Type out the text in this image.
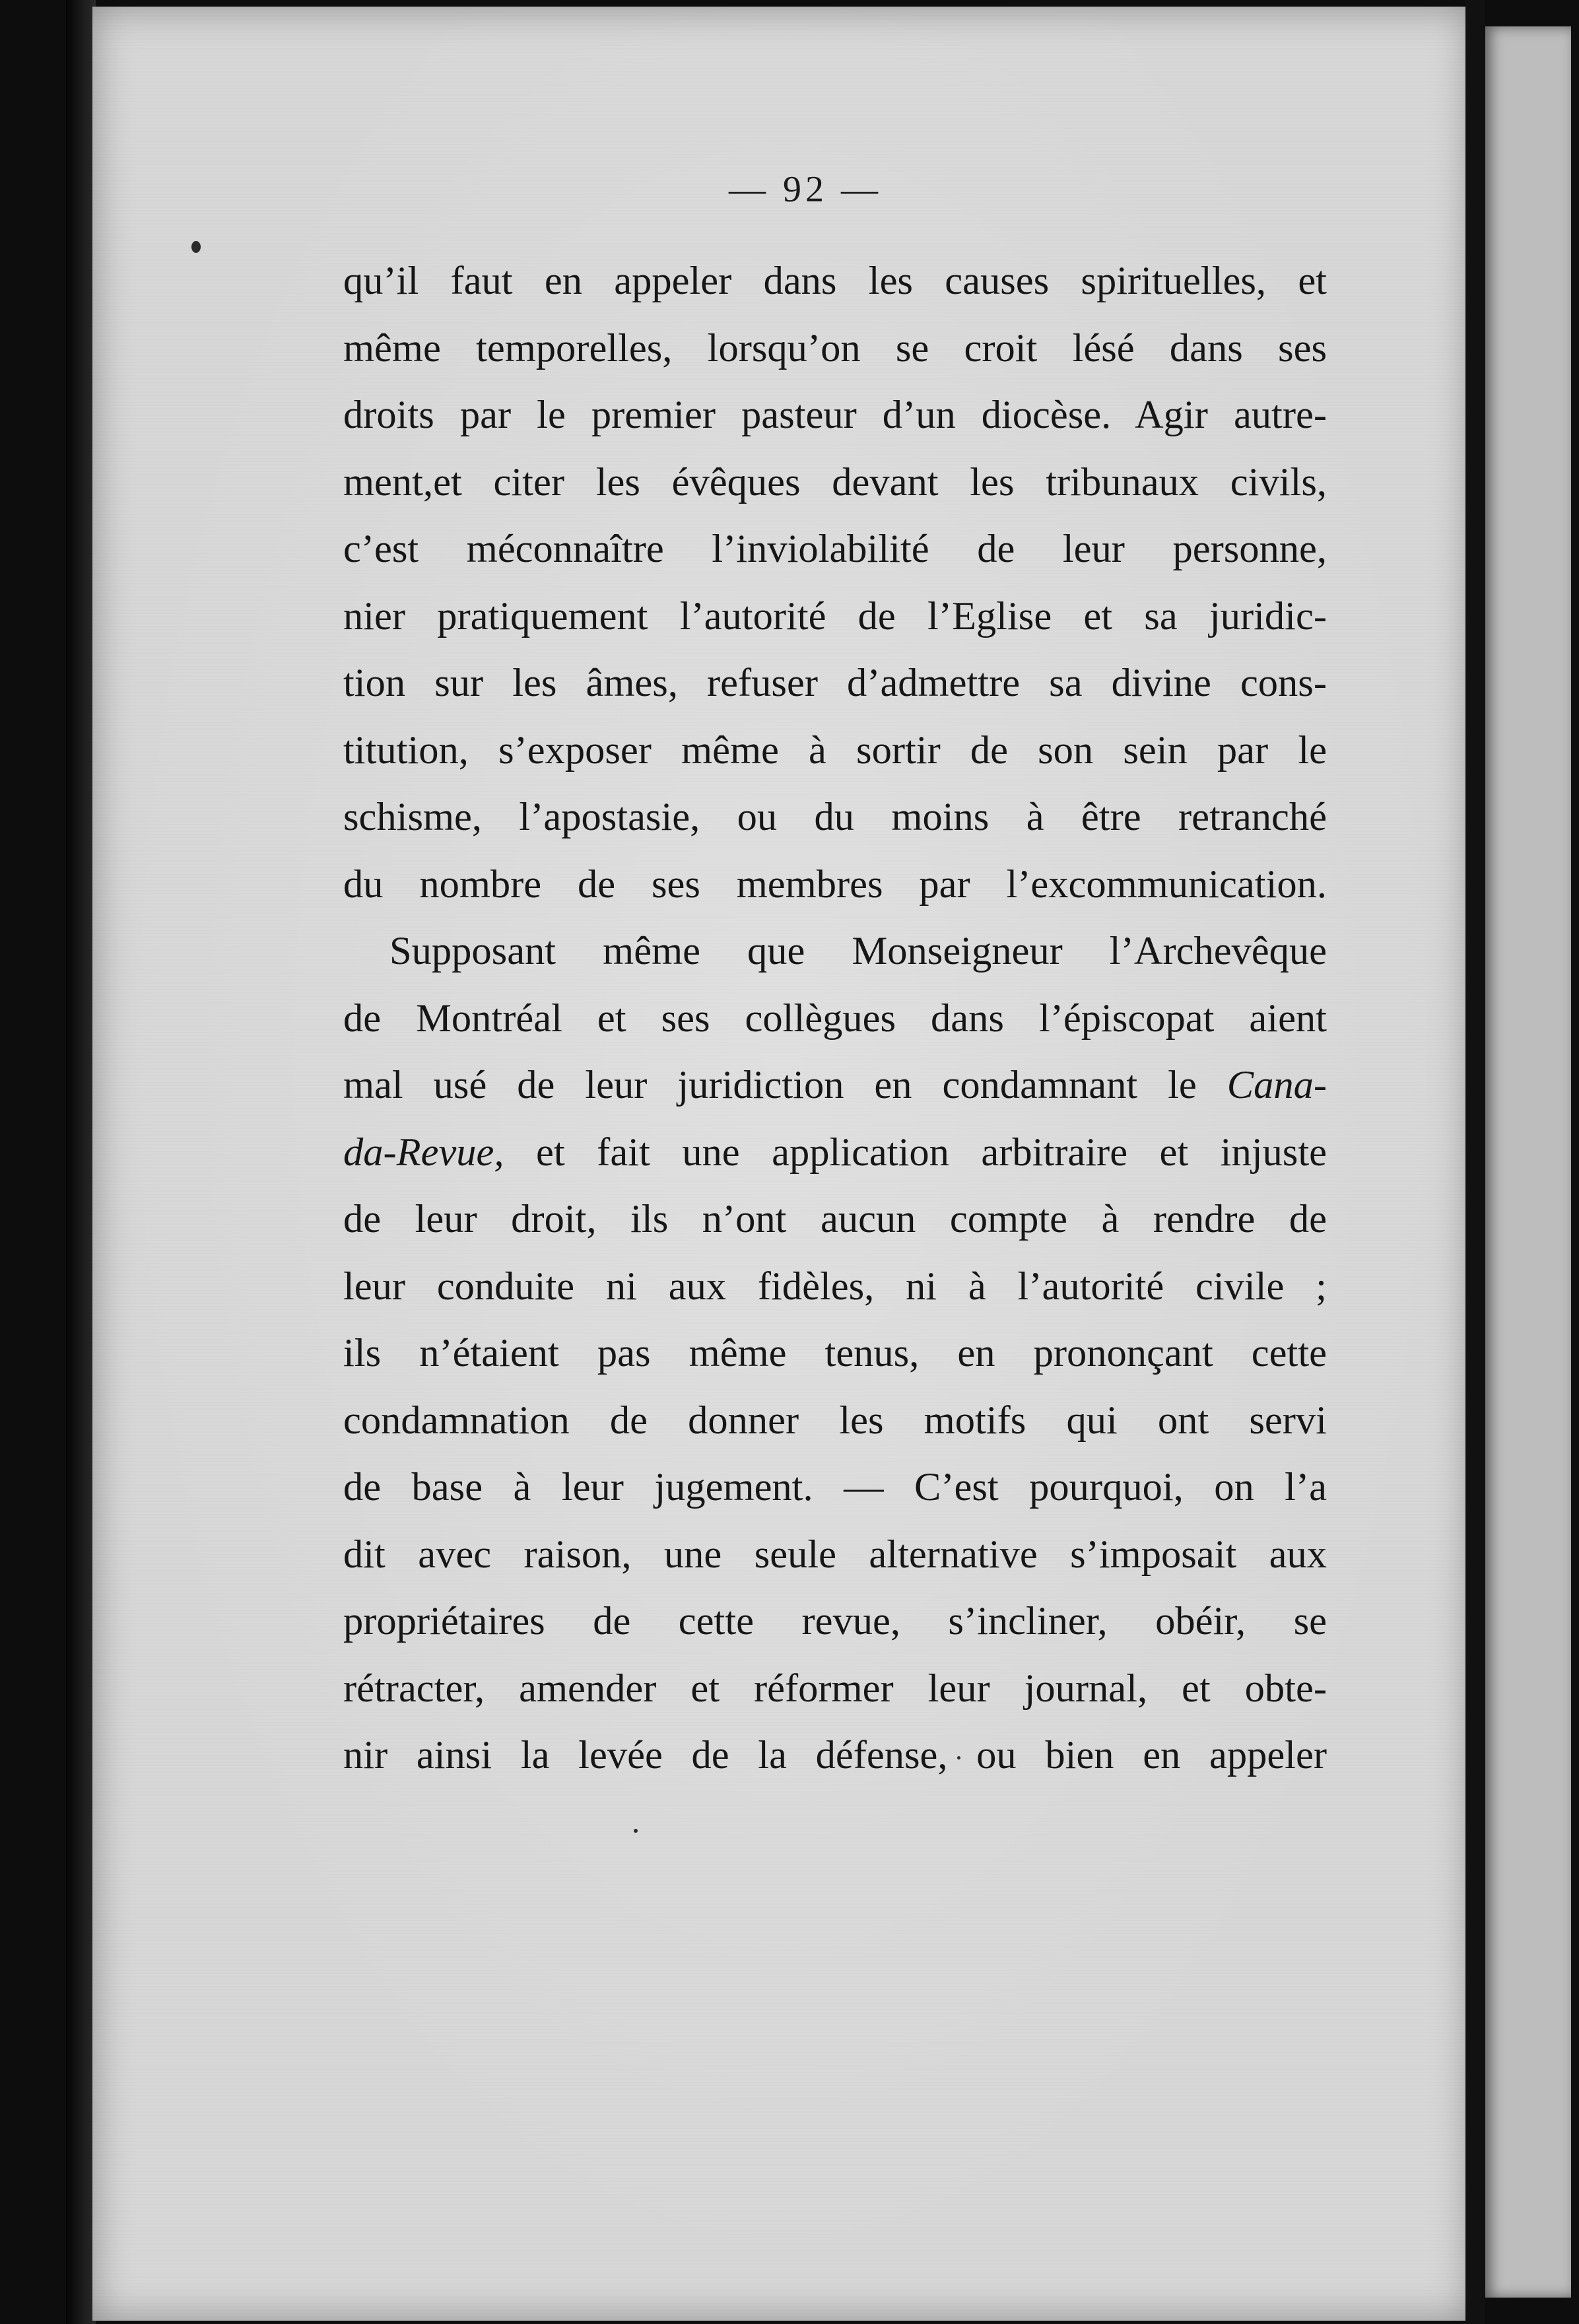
— 92 —
qu’il faut en appeler dans les causes spirituelles, et
même temporelles, lorsqu’on se croit lésé dans ses
droits par le premier pasteur d’un diocèse. Agir autre-
ment,et citer les évêques devant les tribunaux civils,
c’est méconnaître l’inviolabilité de leur personne,
nier pratiquement l’autorité de l’Eglise et sa juridic-
tion sur les âmes, refuser d’admettre sa divine cons-
titution, s’exposer même à sortir de son sein par le
schisme, l’apostasie, ou du moins à être retranché
du nombre de ses membres par l’excommunication.
Supposant même que Monseigneur l’Archevêque
de Montréal et ses collègues dans l’épiscopat aient
mal usé de leur juridiction en condamnant le Cana-
da-Revue, et fait une application arbitraire et injuste
de leur droit, ils n’ont aucun compte à rendre de
leur conduite ni aux fidèles, ni à l’autorité civile ;
ils n’étaient pas même tenus, en prononçant cette
condamnation de donner les motifs qui ont servi
de base à leur jugement. — C’est pourquoi, on l’a
dit avec raison, une seule alternative s’imposait aux
propriétaires de cette revue, s’incliner, obéir, se
rétracter, amender et réformer leur journal, et obte-
nir ainsi la levée de la défense, ou bien en appeler
